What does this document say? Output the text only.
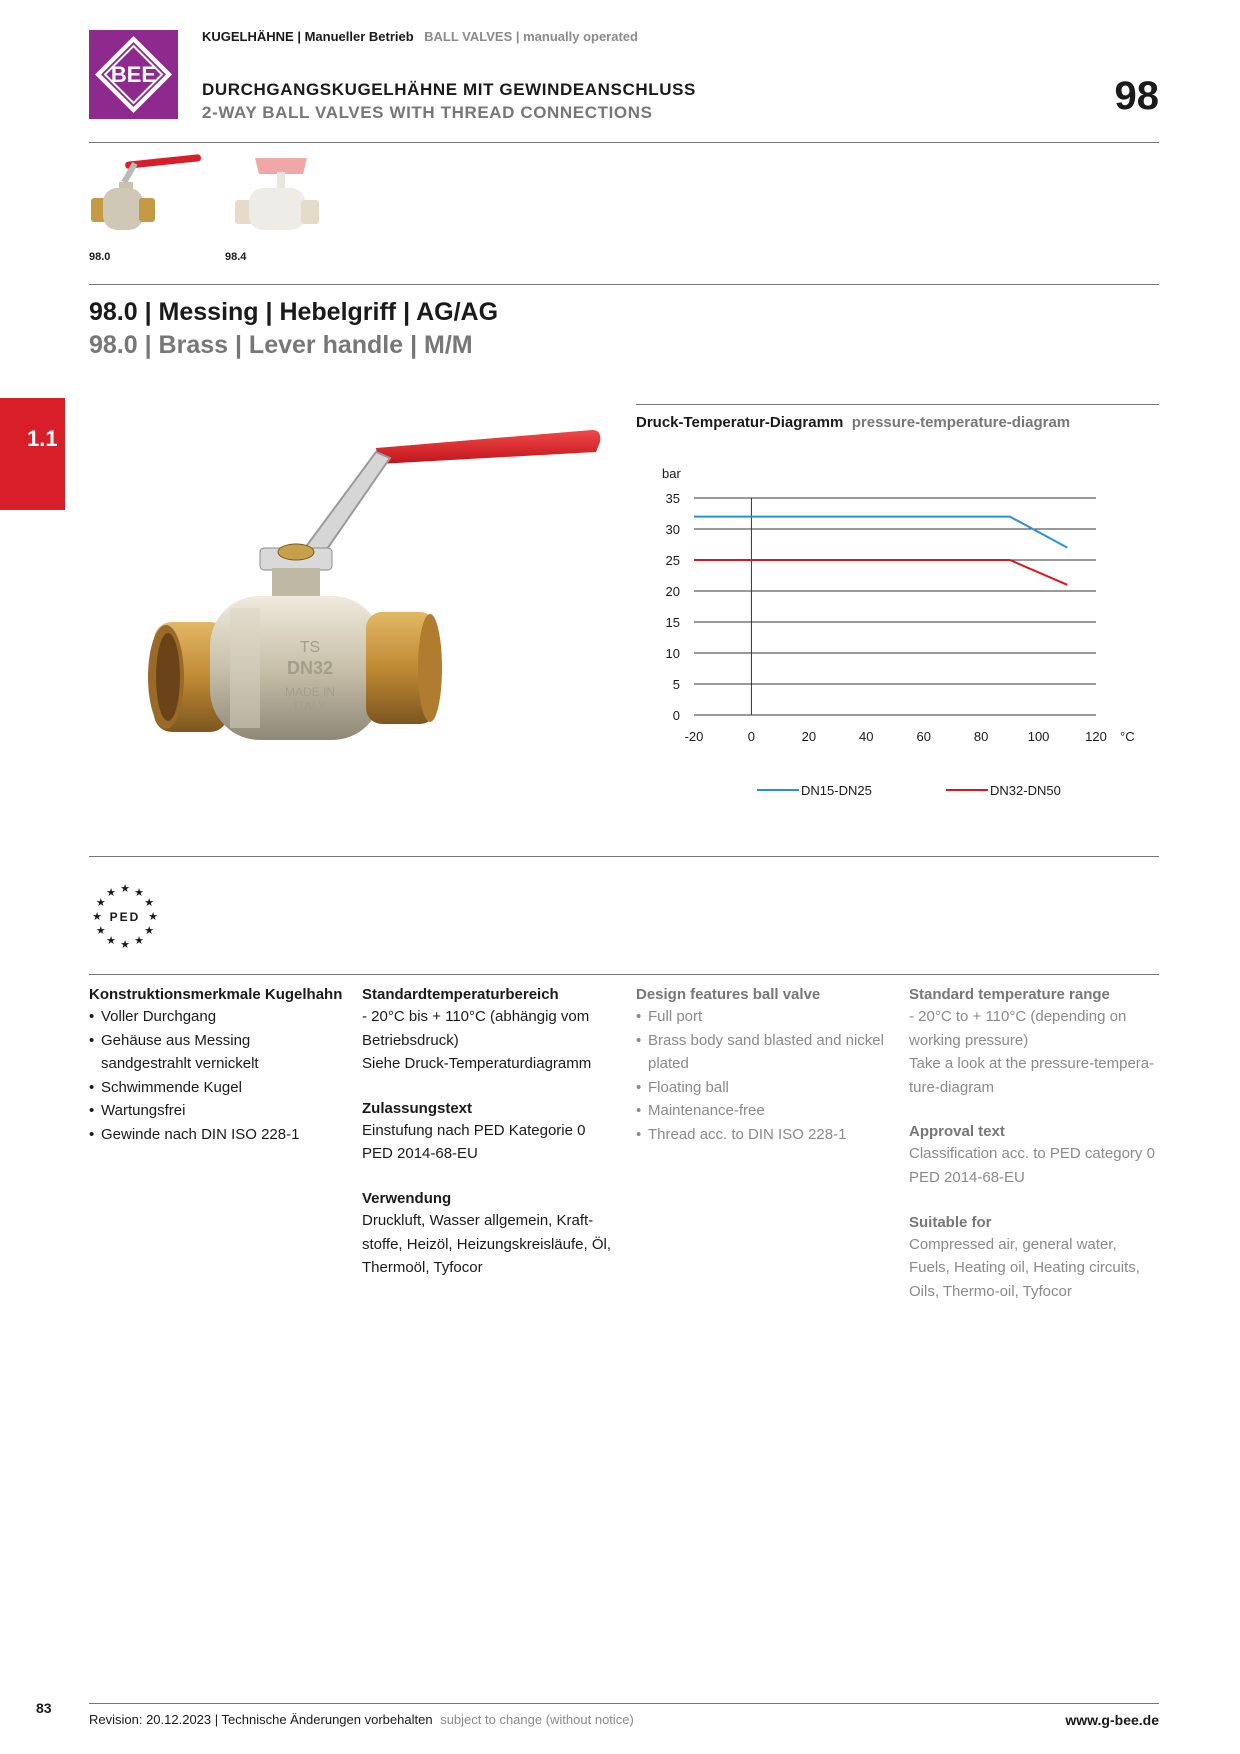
BEE
KUGELHÄHNE | Manueller Betrieb BALL VALVES | manually operated
DURCHGANGSKUGELHÄHNE MIT GEWINDEANSCHLUSS
2-WAY BALL VALVES WITH THREAD CONNECTIONS	98
98.0	98.4
98.0 | Messing | Hebelgriff | AG/AG
98.0 | Brass | Lever handle | M/M
1.1
TS
DN32
MADE IN
ITALY
Druck-Temperatur-Diagramm pressure-temperature-diagram
35
30
25
20
15
10
5
0
-20	0	20	40	60	80	100	120
bar
°C
DN15-DN25	DN32-DN50
★ ★
★
★
★
★
★
★
★
★
★
★
PED
Konstruktionsmerkmale Kugelhahn
• Voller Durchgang
• Gehäuse aus Messing sandgestrahlt vernickelt
• Schwimmende Kugel
• Wartungsfrei
• Gewinde nach DIN ISO 228-1
Standardtemperaturbereich
- 20°C bis + 110°C (abhängig vom Betriebsdruck)
Siehe Druck-Temperaturdiagramm
Zulassungstext
Einstufung nach PED Kategorie 0 PED 2014-68-EU
Verwendung
Druckluft, Wasser allgemein, Kraft-stoffe, Heizöl, Heizungskreisläufe, Öl, Thermoöl, Tyfocor
Design features ball valve
• Full port
• Brass body sand blasted and nickel plated
• Floating ball
• Maintenance-free
• Thread acc. to DIN ISO 228-1
Standard temperature range
- 20°C to + 110°C (depending on working pressure)
Take a look at the pressure-tempera-ture-diagram
Approval text
Classification acc. to PED category 0 PED 2014-68-EU
Suitable for
Compressed air, general water, Fuels, Heating oil, Heating circuits, Oils, Thermo-oil, Tyfocor
83
Revision: 20.12.2023 | Technische Änderungen vorbehalten subject to change (without notice)	www.g-bee.de
